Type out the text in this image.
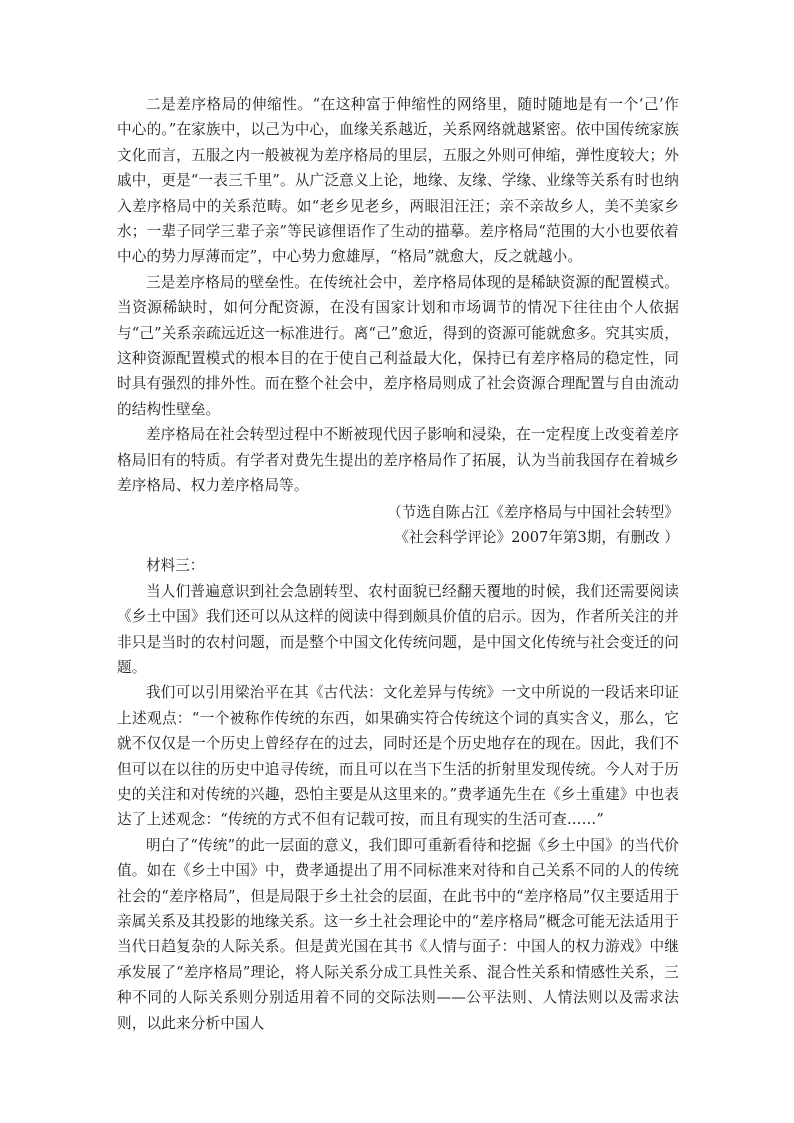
二是差序格局的伸缩性。“在这种富于伸缩性的网络里，随时随地是有一个‘己’作中心的。”在家族中，以己为中心，血缘关系越近，关系网络就越紧密。依中国传统家族文化而言，五服之内一般被视为差序格局的里层，五服之外则可伸缩，弹性度较大；外戚中，更是“一表三千里”。从广泛意义上论，地缘、友缘、学缘、业缘等关系有时也纳入差序格局中的关系范畴。如“老乡见老乡，两眼泪汪汪；亲不亲故乡人，美不美家乡水；一辈子同学三辈子亲”等民谚俚语作了生动的描摹。差序格局“范围的大小也要依着中心的势力厚薄而定”，中心势力愈雄厚，“格局”就愈大，反之就越小。

三是差序格局的壁垒性。在传统社会中，差序格局体现的是稀缺资源的配置模式。当资源稀缺时，如何分配资源，在没有国家计划和市场调节的情况下往往由个人依据与“己”关系亲疏远近这一标准进行。离“己”愈近，得到的资源可能就愈多。究其实质，这种资源配置模式的根本目的在于使自己利益最大化，保持已有差序格局的稳定性，同时具有强烈的排外性。而在整个社会中，差序格局则成了社会资源合理配置与自由流动的结构性壁垒。

差序格局在社会转型过程中不断被现代因子影响和浸染，在一定程度上改变着差序格局旧有的特质。有学者对费先生提出的差序格局作了拓展，认为当前我国存在着城乡差序格局、权力差序格局等。

（节选自陈占江《差序格局与中国社会转型》

《社会科学评论》2007年第3期，有删改 ）

材料三：

当人们普遍意识到社会急剧转型、农村面貌已经翻天覆地的时候，我们还需要阅读《乡土中国》我们还可以从这样的阅读中得到颇具价值的启示。因为，作者所关注的并非只是当时的农村问题，而是整个中国文化传统问题，是中国文化传统与社会变迁的问题。

我们可以引用梁治平在其《古代法：文化差异与传统》一文中所说的一段话来印证上述观点：“一个被称作传统的东西，如果确实符合传统这个词的真实含义，那么，它就不仅仅是一个历史上曾经存在的过去，同时还是个历史地存在的现在。因此，我们不但可以在以往的历史中追寻传统，而且可以在当下生活的折射里发现传统。今人对于历史的关注和对传统的兴趣，恐怕主要是从这里来的。”费孝通先生在《乡土重建》中也表达了上述观念：“传统的方式不但有记载可按，而且有现实的生活可查……”

明白了“传统”的此一层面的意义，我们即可重新看待和挖掘《乡土中国》的当代价值。如在《乡土中国》中，费孝通提出了用不同标准来对待和自己关系不同的人的传统社会的“差序格局”，但是局限于乡土社会的层面，在此书中的“差序格局”仅主要适用于亲属关系及其投影的地缘关系。这一乡土社会理论中的“差序格局”概念可能无法适用于当代日趋复杂的人际关系。但是黄光国在其书《人情与面子：中国人的权力游戏》中继承发展了“差序格局”理论，将人际关系分成工具性关系、混合性关系和情感性关系，三种不同的人际关系则分别适用着不同的交际法则——公平法则、人情法则以及需求法则，以此来分析中国人
